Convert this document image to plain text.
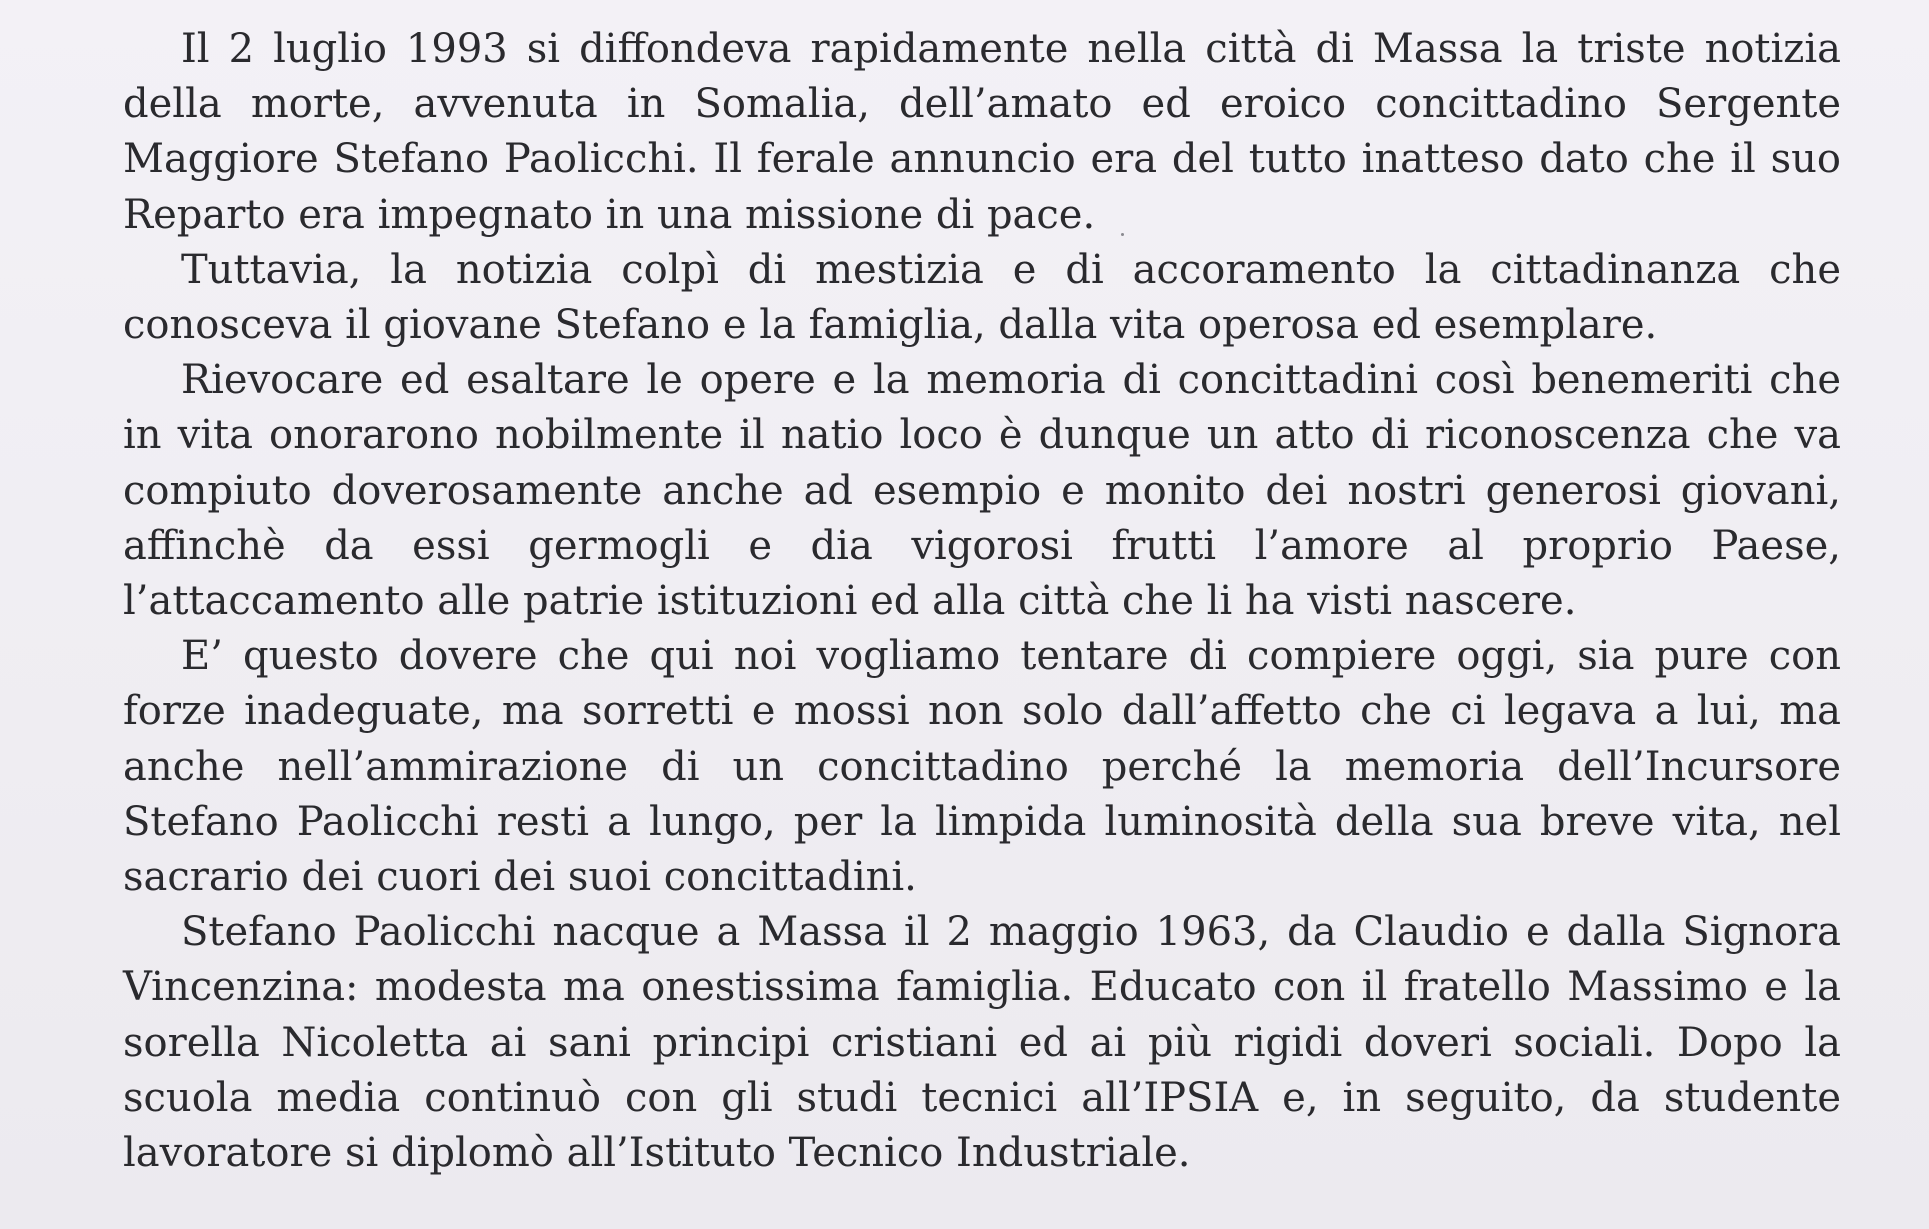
Il 2 luglio 1993 si diffondeva rapidamente nella città di Massa la triste notizia della morte, avvenuta in Somalia, dell’amato ed eroico concittadino Sergente Maggiore Stefano Paolicchi. Il ferale annuncio era del tutto inatteso dato che il suo Reparto era impegnato in una missione di pace.

Tuttavia, la notizia colpì di mestizia e di accoramento la cittadinanza che conosceva il giovane Stefano e la famiglia, dalla vita operosa ed esemplare.

Rievocare ed esaltare le opere e la memoria di concittadini così benemeriti che in vita onorarono nobilmente il natio loco è dunque un atto di riconoscenza che va compiuto doverosamente anche ad esempio e monito dei nostri generosi giovani, affinchè da essi germogli e dia vigorosi frutti l’amore al proprio Paese, l’attaccamento alle patrie istituzioni ed alla città che li ha visti nascere.

E’ questo dovere che qui noi vogliamo tentare di compiere oggi, sia pure con forze inadeguate, ma sorretti e mossi non solo dall’affetto che ci legava a lui, ma anche nell’ammirazione di un concittadino perché la memoria dell’Incursore Stefano Paolicchi resti a lungo, per la limpida luminosità della sua breve vita, nel sacrario dei cuori dei suoi concittadini.

Stefano Paolicchi nacque a Massa il 2 maggio 1963, da Claudio e dalla Signora Vincenzina: modesta ma onestissima famiglia. Educato con il fratello Massimo e la sorella Nicoletta ai sani principi cristiani ed ai più rigidi doveri sociali. Dopo la scuola media continuò con gli studi tecnici all’IPSIA e, in seguito, da studente lavoratore si diplomò all’Istituto Tecnico Industriale.
